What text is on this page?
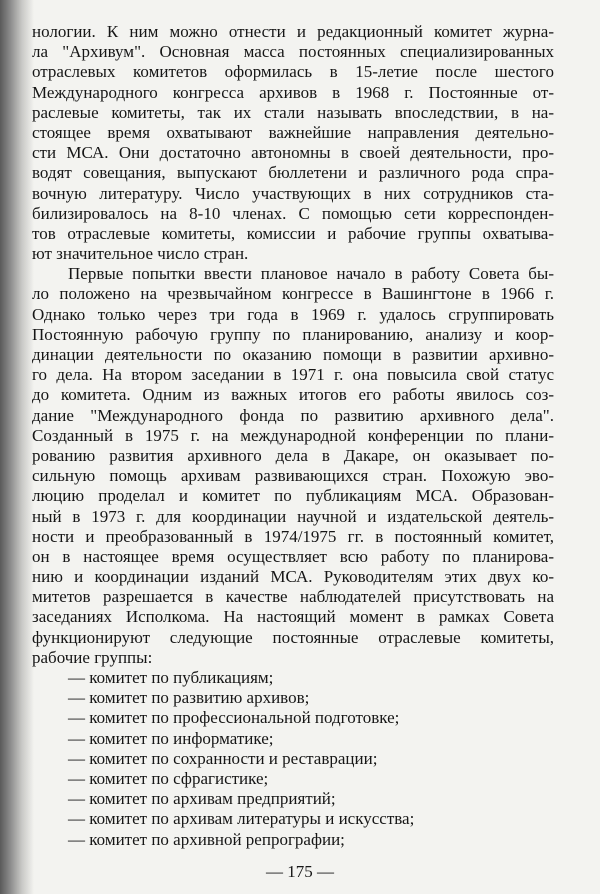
нологии. К ним можно отнести и редакционный комитет журна-
ла "Архивум". Основная масса постоянных специализированных
отраслевых комитетов оформилась в 15-летие после шестого
Международного конгресса архивов в 1968 г. Постоянные от-
раслевые комитеты, так их стали называть впоследствии, в на-
стоящее время охватывают важнейшие направления деятельно-
сти МСА. Они достаточно автономны в своей деятельности, про-
водят совещания, выпускают бюллетени и различного рода спра-
вочную литературу. Число участвующих в них сотрудников ста-
билизировалось на 8-10 членах. С помощью сети корреспонден-
тов отраслевые комитеты, комиссии и рабочие группы охватыва-
ют значительное число стран.
Первые попытки ввести плановое начало в работу Совета бы-
ло положено на чрезвычайном конгрессе в Вашингтоне в 1966 г.
Однако только через три года в 1969 г. удалось сгруппировать
Постоянную рабочую группу по планированию, анализу и коор-
динации деятельности по оказанию помощи в развитии архивно-
го дела. На втором заседании в 1971 г. она повысила свой статус
до комитета. Одним из важных итогов его работы явилось соз-
дание "Международного фонда по развитию архивного дела".
Созданный в 1975 г. на международной конференции по плани-
рованию развития архивного дела в Дакаре, он оказывает по-
сильную помощь архивам развивающихся стран. Похожую эво-
люцию проделал и комитет по публикациям МСА. Образован-
ный в 1973 г. для координации научной и издательской деятель-
ности и преобразованный в 1974/1975 гг. в постоянный комитет,
он в настоящее время осуществляет всю работу по планирова-
нию и координации изданий МСА. Руководителям этих двух ко-
митетов разрешается в качестве наблюдателей присутствовать на
заседаниях Исполкома. На настоящий момент в рамках Совета
функционируют следующие постоянные отраслевые комитеты,
рабочие группы:
— комитет по публикациям;
— комитет по развитию архивов;
— комитет по профессиональной подготовке;
— комитет по информатике;
— комитет по сохранности и реставрации;
— комитет по сфрагистике;
— комитет по архивам предприятий;
— комитет по архивам литературы и искусства;
— комитет по архивной репрографии;
— 175 —
